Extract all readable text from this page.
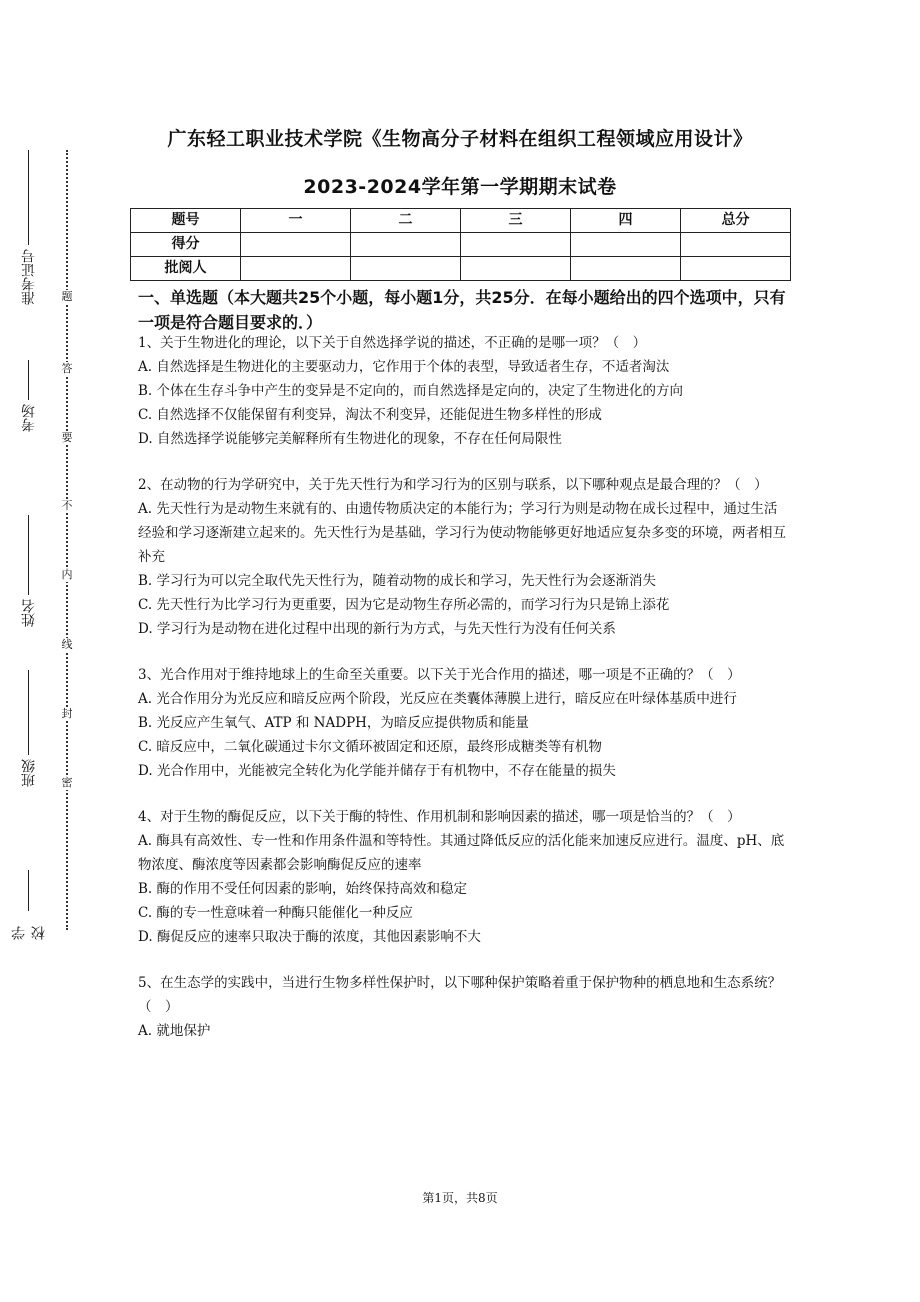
准考证号
考场
姓名
班级
学校
题
答
要
不
内
线
封
密
广东轻工职业技术学院《生物高分子材料在组织工程领域应用设计》
2023-2024学年第一学期期末试卷
题号	一	二	三	四	总分
得分					
批阅人					
一、单选题（本大题共25个小题，每小题1分，共25分．在每小题给出的四个选项中，只有一项是符合题目要求的．）

1、关于生物进化的理论，以下关于自然选择学说的描述，不正确的是哪一项？（　）

A. 自然选择是生物进化的主要驱动力，它作用于个体的表型，导致适者生存，不适者淘汰

B. 个体在生存斗争中产生的变异是不定向的，而自然选择是定向的，决定了生物进化的方向

C. 自然选择不仅能保留有利变异，淘汰不利变异，还能促进生物多样性的形成

D. 自然选择学说能够完美解释所有生物进化的现象，不存在任何局限性

2、在动物的行为学研究中，关于先天性行为和学习行为的区别与联系，以下哪种观点是最合理的？（　）

A. 先天性行为是动物生来就有的、由遗传物质决定的本能行为；学习行为则是动物在成长过程中，通过生活经验和学习逐渐建立起来的。先天性行为是基础，学习行为使动物能够更好地适应复杂多变的环境，两者相互补充

B. 学习行为可以完全取代先天性行为，随着动物的成长和学习，先天性行为会逐渐消失

C. 先天性行为比学习行为更重要，因为它是动物生存所必需的，而学习行为只是锦上添花

D. 学习行为是动物在进化过程中出现的新行为方式，与先天性行为没有任何关系

3、光合作用对于维持地球上的生命至关重要。以下关于光合作用的描述，哪一项是不正确的？（　）

A. 光合作用分为光反应和暗反应两个阶段，光反应在类囊体薄膜上进行，暗反应在叶绿体基质中进行

B. 光反应产生氧气、ATP 和 NADPH，为暗反应提供物质和能量

C. 暗反应中，二氧化碳通过卡尔文循环被固定和还原，最终形成糖类等有机物

D. 光合作用中，光能被完全转化为化学能并储存于有机物中，不存在能量的损失

4、对于生物的酶促反应，以下关于酶的特性、作用机制和影响因素的描述，哪一项是恰当的？（　）

A. 酶具有高效性、专一性和作用条件温和等特性。其通过降低反应的活化能来加速反应进行。温度、pH、底物浓度、酶浓度等因素都会影响酶促反应的速率

B. 酶的作用不受任何因素的影响，始终保持高效和稳定

C. 酶的专一性意味着一种酶只能催化一种反应

D. 酶促反应的速率只取决于酶的浓度，其他因素影响不大

5、在生态学的实践中，当进行生物多样性保护时，以下哪种保护策略着重于保护物种的栖息地和生态系统？（　）

A. 就地保护

第1页，共8页
